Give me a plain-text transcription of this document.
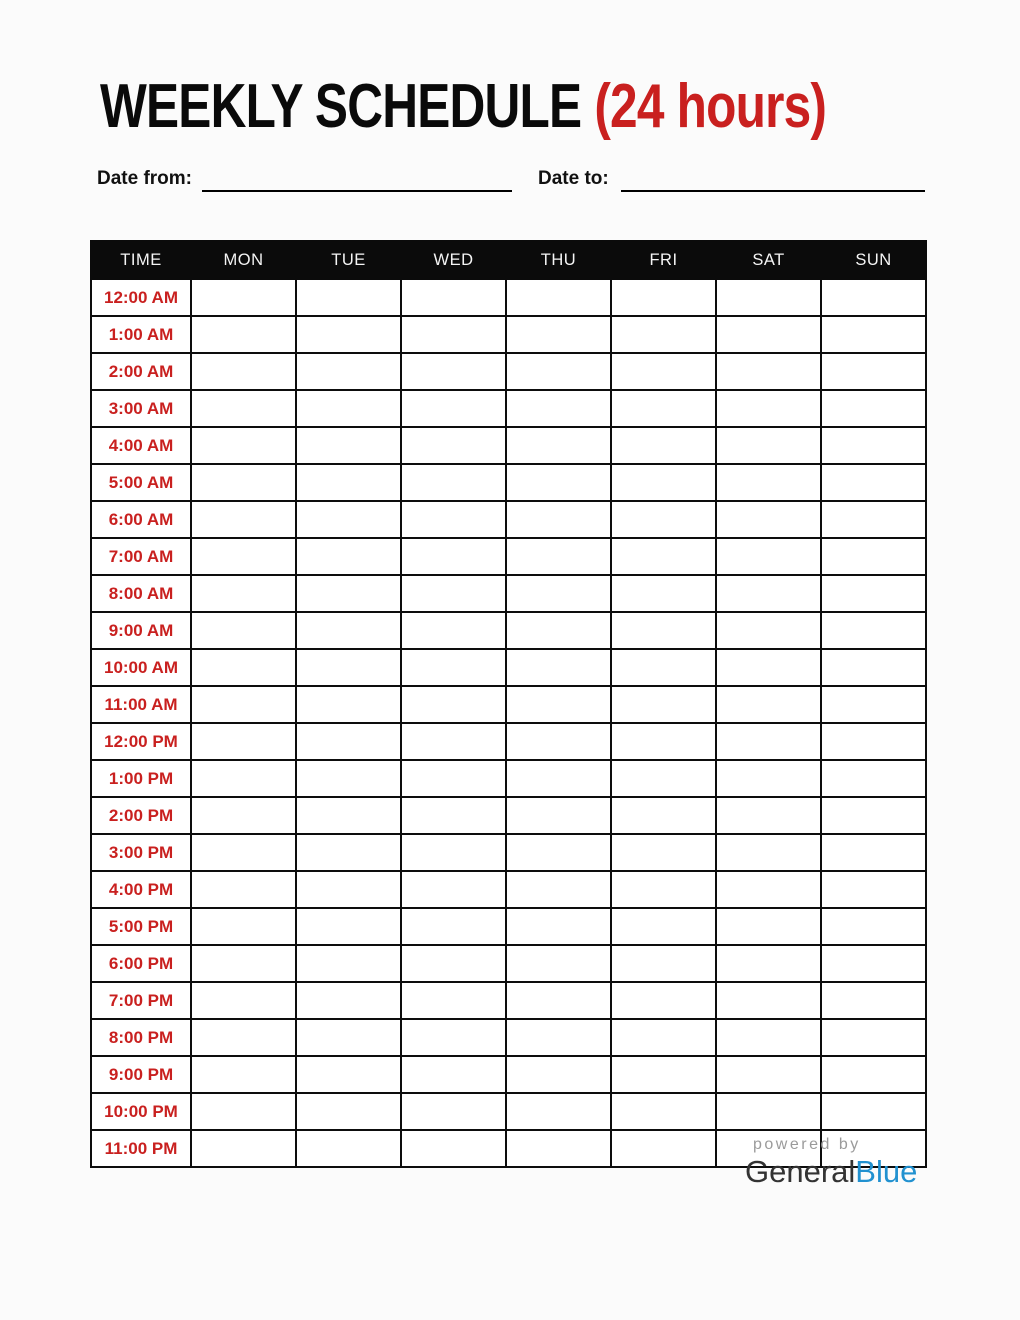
WEEKLY SCHEDULE (24 hours)
Date from:	Date to:
TIME	MON	TUE	WED	THU	FRI	SAT	SUN
12:00 AM							
1:00 AM							
2:00 AM							
3:00 AM							
4:00 AM							
5:00 AM							
6:00 AM							
7:00 AM							
8:00 AM							
9:00 AM							
10:00 AM							
11:00 AM							
12:00 PM							
1:00 PM							
2:00 PM							
3:00 PM							
4:00 PM							
5:00 PM							
6:00 PM							
7:00 PM							
8:00 PM							
9:00 PM							
10:00 PM							
11:00 PM								powered by
GeneralBlue
